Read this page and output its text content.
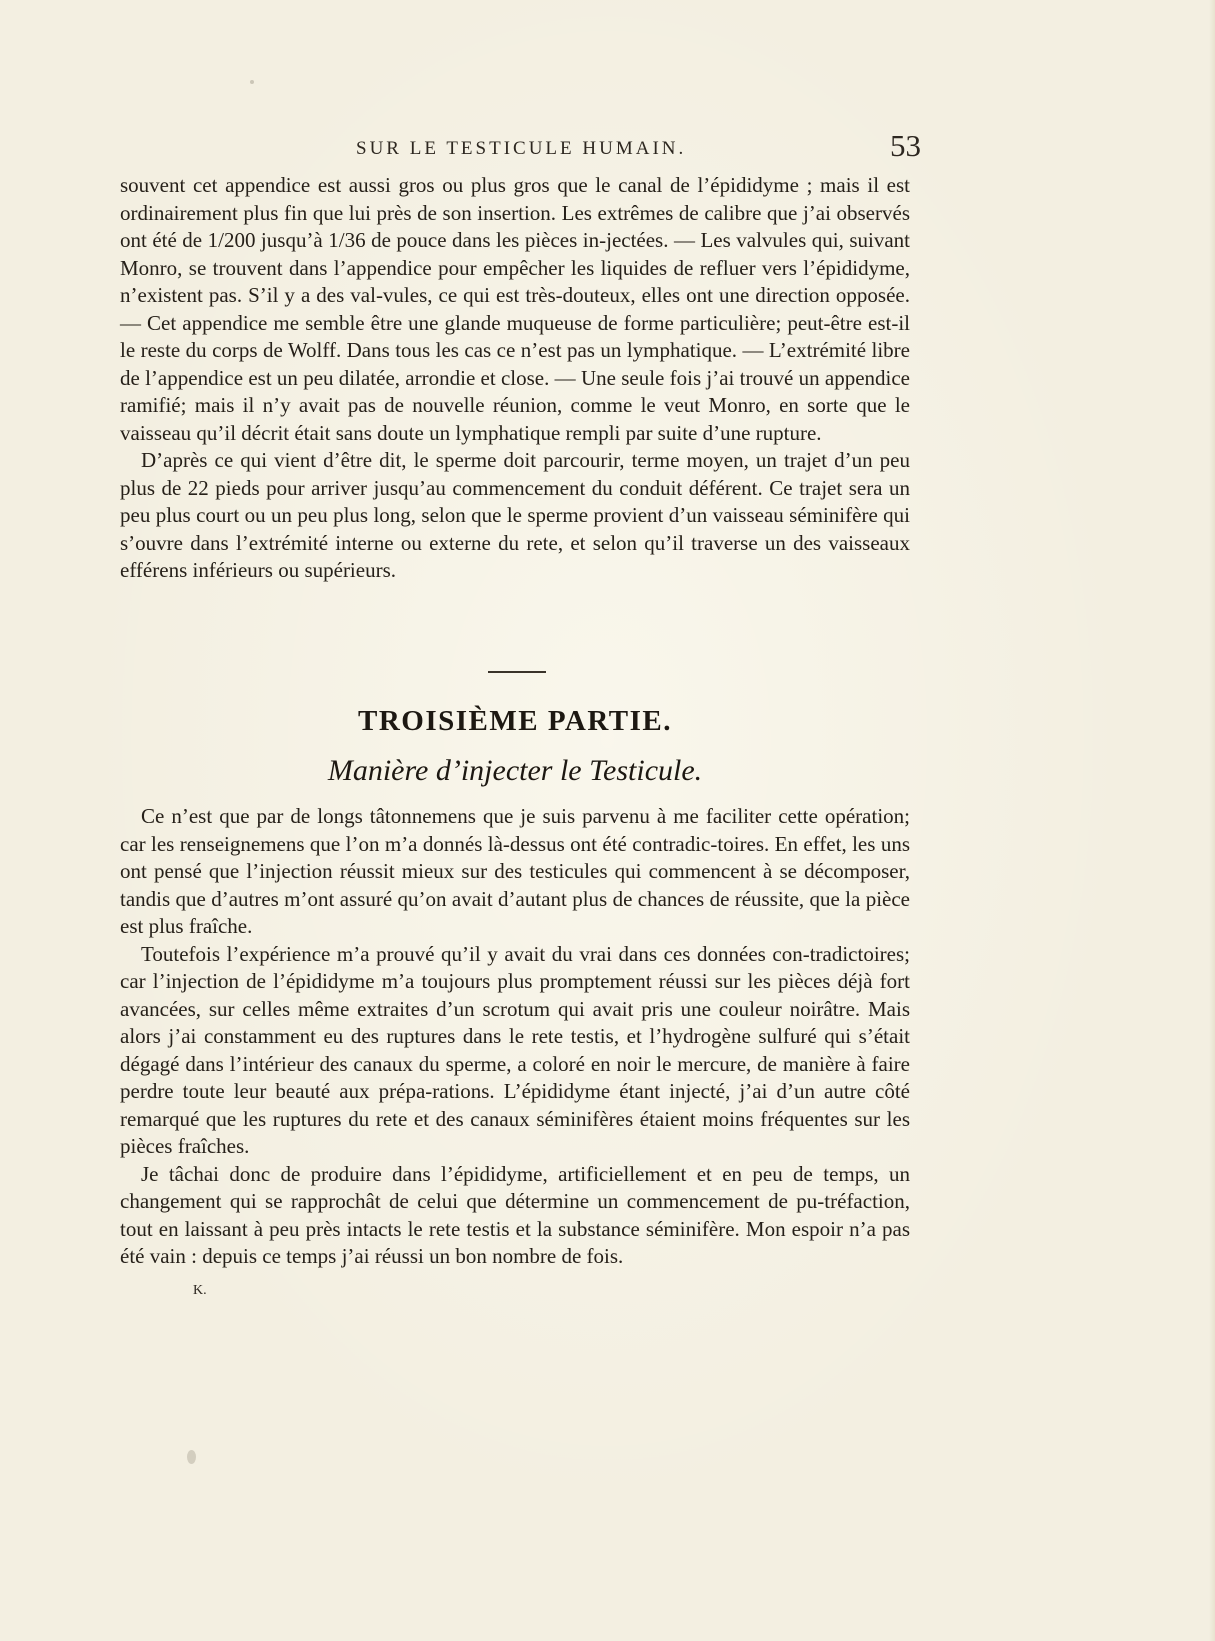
SUR LE TESTICULE HUMAIN.	53

souvent cet appendice est aussi gros ou plus gros que le canal de l’épididyme ; mais il est ordinairement plus fin que lui près de son insertion. Les extrêmes de calibre que j’ai observés ont été de 1/200 jusqu’à 1/36 de pouce dans les pièces in-jectées. — Les valvules qui, suivant Monro, se trouvent dans l’appendice pour empêcher les liquides de refluer vers l’épididyme, n’existent pas. S’il y a des val-vules, ce qui est très-douteux, elles ont une direction opposée. — Cet appendice me semble être une glande muqueuse de forme particulière; peut-être est-il le reste du corps de Wolff. Dans tous les cas ce n’est pas un lymphatique. — L’extrémité libre de l’appendice est un peu dilatée, arrondie et close. — Une seule fois j’ai trouvé un appendice ramifié; mais il n’y avait pas de nouvelle réunion, comme le veut Monro, en sorte que le vaisseau qu’il décrit était sans doute un lymphatique rempli par suite d’une rupture.

D’après ce qui vient d’être dit, le sperme doit parcourir, terme moyen, un trajet d’un peu plus de 22 pieds pour arriver jusqu’au commencement du conduit déférent. Ce trajet sera un peu plus court ou un peu plus long, selon que le sperme provient d’un vaisseau séminifère qui s’ouvre dans l’extrémité interne ou externe du rete, et selon qu’il traverse un des vaisseaux efférens inférieurs ou supérieurs.

TROISIÈME PARTIE.
Manière d’injecter le Testicule.

Ce n’est que par de longs tâtonnemens que je suis parvenu à me faciliter cette opération; car les renseignemens que l’on m’a donnés là-dessus ont été contradic-toires. En effet, les uns ont pensé que l’injection réussit mieux sur des testicules qui commencent à se décomposer, tandis que d’autres m’ont assuré qu’on avait d’autant plus de chances de réussite, que la pièce est plus fraîche.

Toutefois l’expérience m’a prouvé qu’il y avait du vrai dans ces données con-tradictoires; car l’injection de l’épididyme m’a toujours plus promptement réussi sur les pièces déjà fort avancées, sur celles même extraites d’un scrotum qui avait pris une couleur noirâtre. Mais alors j’ai constamment eu des ruptures dans le rete testis, et l’hydrogène sulfuré qui s’était dégagé dans l’intérieur des canaux du sperme, a coloré en noir le mercure, de manière à faire perdre toute leur beauté aux prépa-rations. L’épididyme étant injecté, j’ai d’un autre côté remarqué que les ruptures du rete et des canaux séminifères étaient moins fréquentes sur les pièces fraîches.

Je tâchai donc de produire dans l’épididyme, artificiellement et en peu de temps, un changement qui se rapprochât de celui que détermine un commencement de pu-tréfaction, tout en laissant à peu près intacts le rete testis et la substance séminifère. Mon espoir n’a pas été vain : depuis ce temps j’ai réussi un bon nombre de fois.

K.
